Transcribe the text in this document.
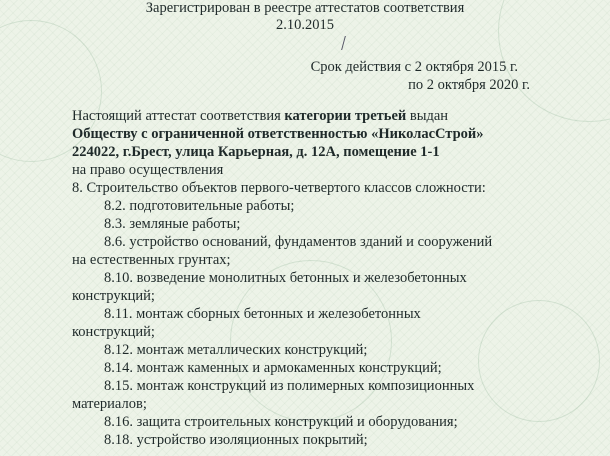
Зарегистрирован в реестре аттестатов соответствия
2.10.2015
Срок действия с 2 октября 2015 г.
по 2 октября 2020 г.
Настоящий аттестат соответствия категории третьей выдан
Обществу с ограниченной ответственностью «НиколасСтрой»
224022, г.Брест, улица Карьерная, д. 12А, помещение 1-1
на право осуществления
8. Строительство объектов первого-четвертого классов сложности:
8.2. подготовительные работы;
8.3. земляные работы;
8.6. устройство оснований, фундаментов зданий и сооружений
на естественных грунтах;
8.10. возведение монолитных бетонных и железобетонных
конструкций;
8.11. монтаж сборных бетонных и железобетонных
конструкций;
8.12. монтаж металлических конструкций;
8.14. монтаж каменных и армокаменных конструкций;
8.15. монтаж конструкций из полимерных композиционных
материалов;
8.16. защита строительных конструкций и оборудования;
8.18. устройство изоляционных покрытий;
